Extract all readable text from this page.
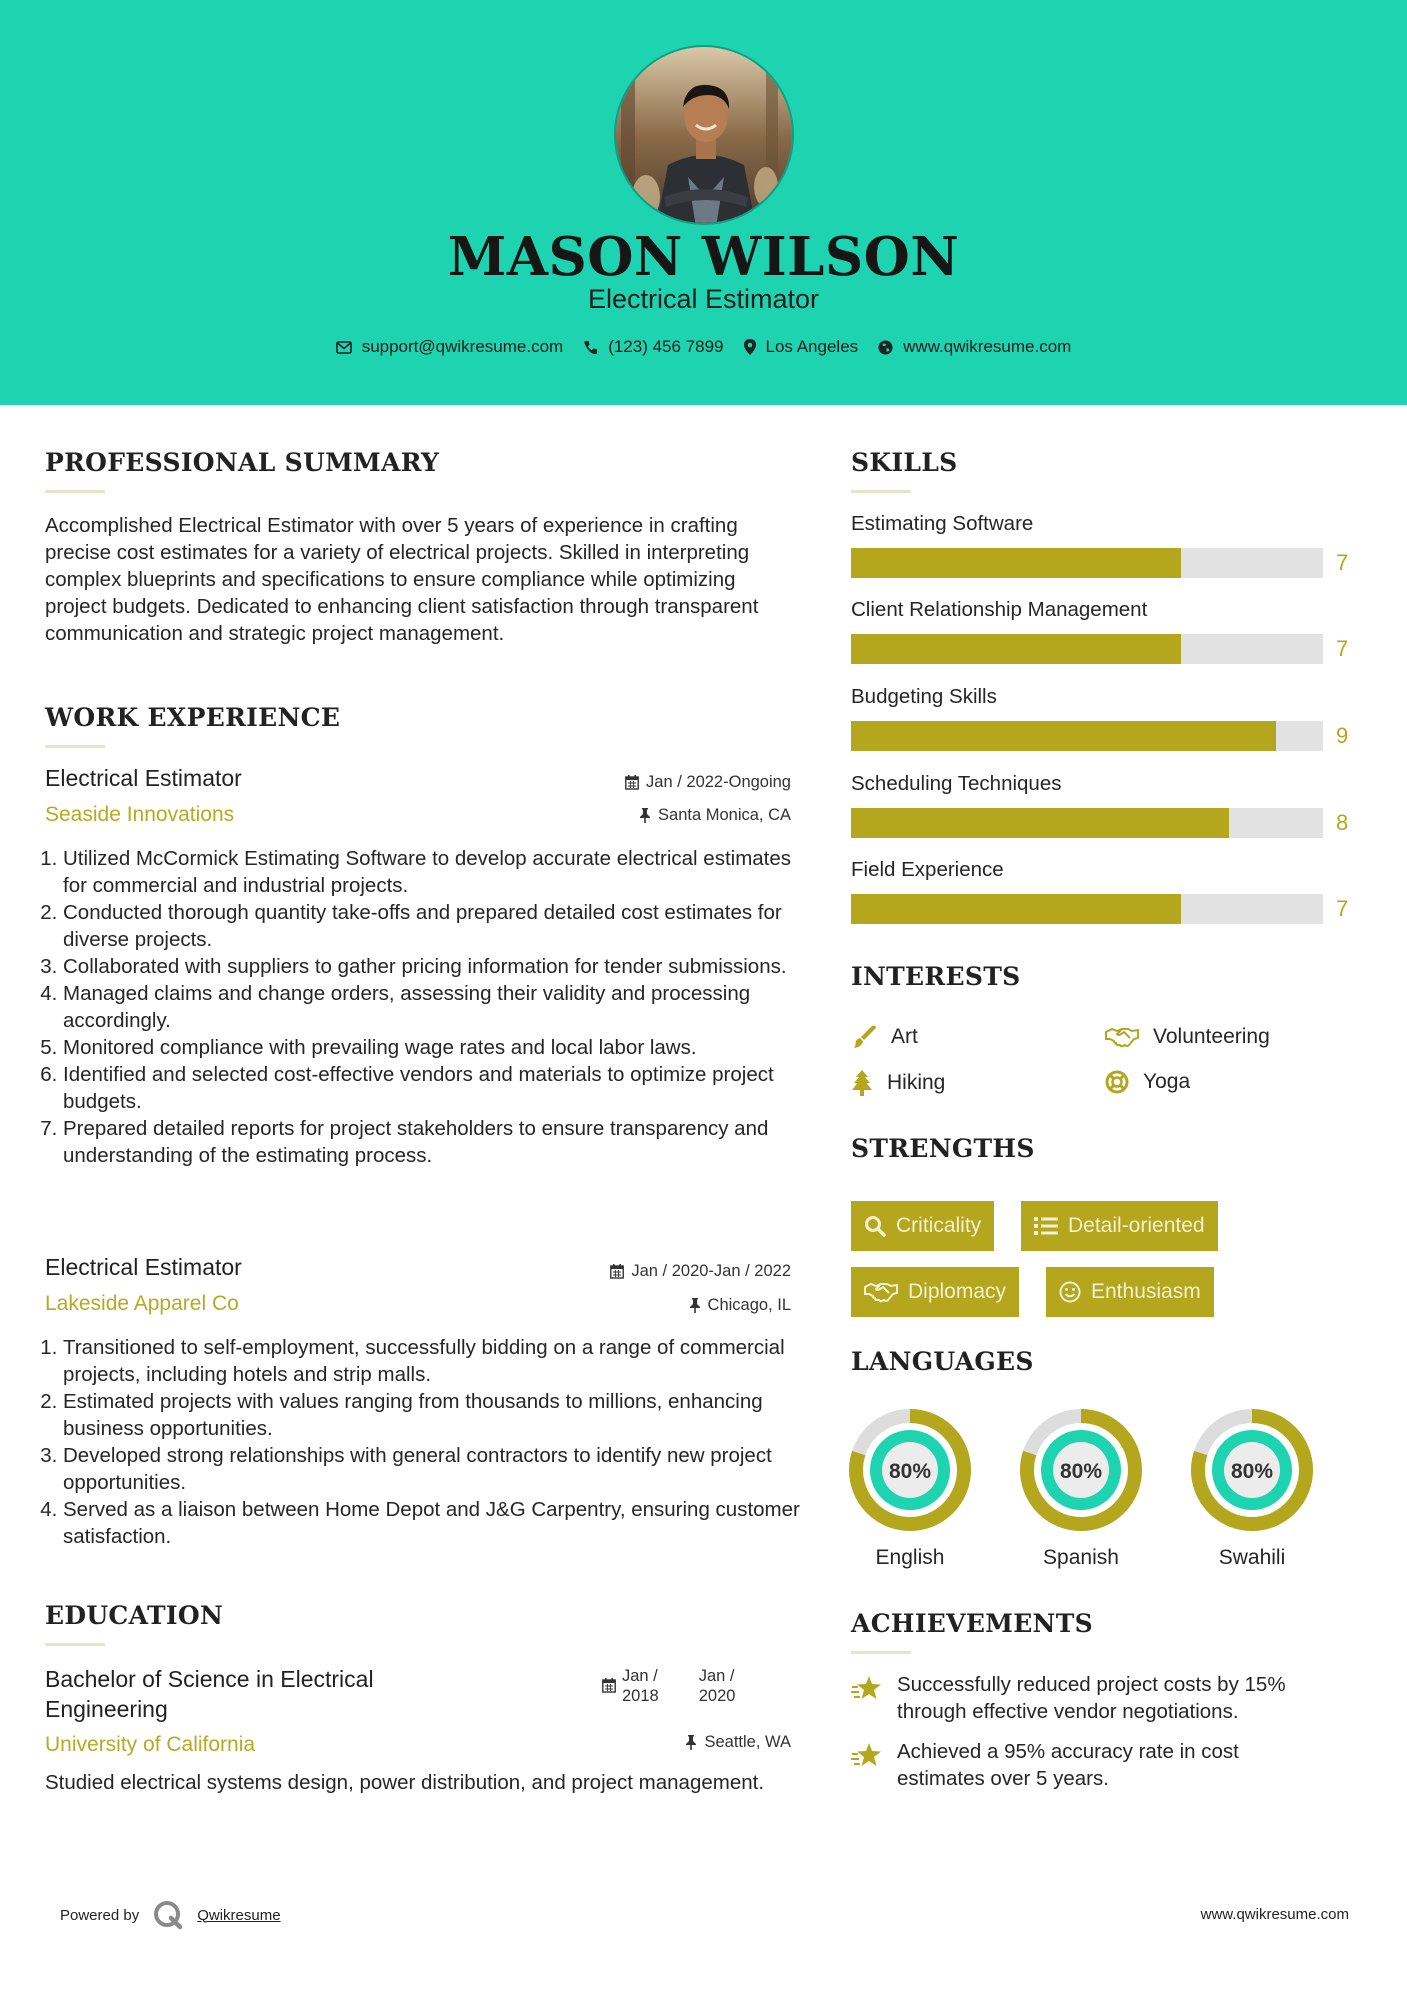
MASON WILSON
Electrical Estimator
support@qwikresume.com	(123) 456 7899 Los Angeles	www.qwikresume.com
PROFESSIONAL SUMMARY
Accomplished Electrical Estimator with over 5 years of experience in crafting precise cost estimates for a variety of electrical projects. Skilled in interpreting complex blueprints and specifications to ensure compliance while optimizing project budgets. Dedicated to enhancing client satisfaction through transparent communication and strategic project management.
WORK EXPERIENCE
Electrical Estimator	Jan / 2022-Ongoing
Seaside Innovations	Santa Monica, CA
1. Utilized McCormick Estimating Software to develop accurate electrical estimates for commercial and industrial projects.
2. Conducted thorough quantity take-offs and prepared detailed cost estimates for diverse projects.
3. Collaborated with suppliers to gather pricing information for tender submissions.
4. Managed claims and change orders, assessing their validity and processing accordingly.
5. Monitored compliance with prevailing wage rates and local labor laws.
6. Identified and selected cost-effective vendors and materials to optimize project budgets.
7. Prepared detailed reports for project stakeholders to ensure transparency and understanding of the estimating process.
Electrical Estimator	Jan / 2020-Jan / 2022
Lakeside Apparel Co	Chicago, IL
1. Transitioned to self-employment, successfully bidding on a range of commercial projects, including hotels and strip malls.
2. Estimated projects with values ranging from thousands to millions, enhancing business opportunities.
3. Developed strong relationships with general contractors to identify new project opportunities.
4. Served as a liaison between Home Depot and J&G Carpentry, ensuring customer satisfaction.
EDUCATION
Bachelor of Science in Electrical
Engineering
Jan /
2018
Jan /
2020
University of California	Seattle, WA
Studied electrical systems design, power distribution, and project management.
SKILLS
Estimating Software
7
Client Relationship Management
7
Budgeting Skills
9
Scheduling Techniques
8
Field Experience
7
INTERESTS
Art	Volunteering
Hiking	Yoga
STRENGTHS
Criticality	Detail-oriented
Diplomacy	Enthusiasm
LANGUAGES
80%
English
80%
Spanish
80%
Swahili
ACHIEVEMENTS
Successfully reduced project costs by 15%
through effective vendor negotiations.
Achieved a 95% accuracy rate in cost
estimates over 5 years.
Powered by	Qwikresume	www.qwikresume.com
